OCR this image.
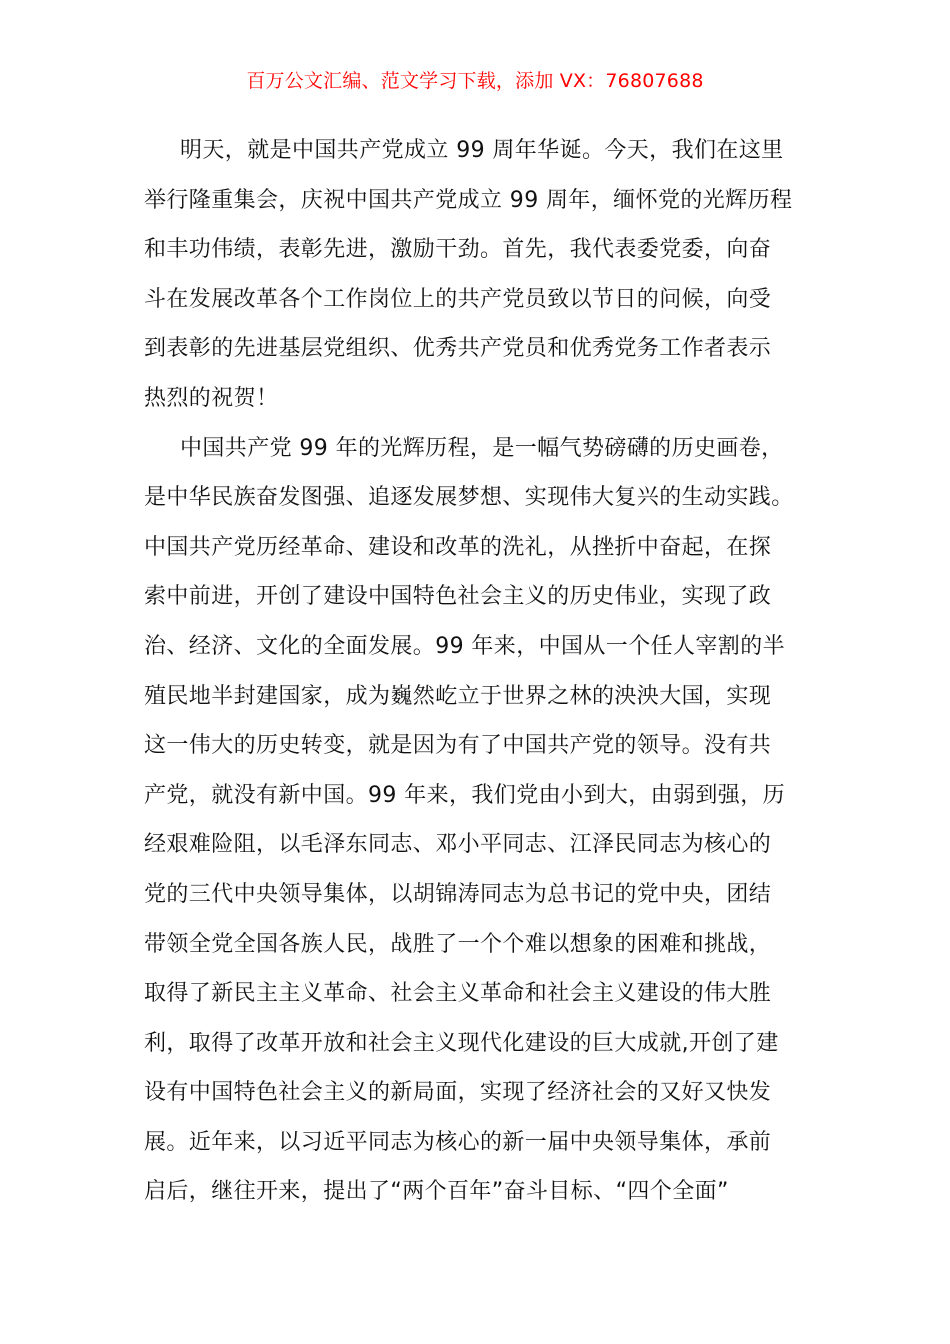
百万公文汇编、范文学习下载，添加 VX：76807688
明天，就是中国共产党成立 99 周年华诞。今天，我们在这里
举行隆重集会，庆祝中国共产党成立 99 周年，缅怀党的光辉历程
和丰功伟绩，表彰先进，激励干劲。首先，我代表委党委，向奋
斗在发展改革各个工作岗位上的共产党员致以节日的问候，向受
到表彰的先进基层党组织、优秀共产党员和优秀党务工作者表示
热烈的祝贺！
中国共产党 99 年的光辉历程，是一幅气势磅礴的历史画卷，
是中华民族奋发图强、追逐发展梦想、实现伟大复兴的生动实践。
中国共产党历经革命、建设和改革的洗礼，从挫折中奋起，在探
索中前进，开创了建设中国特色社会主义的历史伟业，实现了政
治、经济、文化的全面发展。99 年来，中国从一个任人宰割的半
殖民地半封建国家，成为巍然屹立于世界之林的泱泱大国，实现
这一伟大的历史转变，就是因为有了中国共产党的领导。没有共
产党，就没有新中国。99 年来，我们党由小到大，由弱到强，历
经艰难险阻，以毛泽东同志、邓小平同志、江泽民同志为核心的
党的三代中央领导集体，以胡锦涛同志为总书记的党中央，团结
带领全党全国各族人民，战胜了一个个难以想象的困难和挑战，
取得了新民主主义革命、社会主义革命和社会主义建设的伟大胜
利，取得了改革开放和社会主义现代化建设的巨大成就,开创了建
设有中国特色社会主义的新局面，实现了经济社会的又好又快发
展。近年来，以习近平同志为核心的新一届中央领导集体，承前
启后，继往开来，提出了“两个百年”奋斗目标、“四个全面”
